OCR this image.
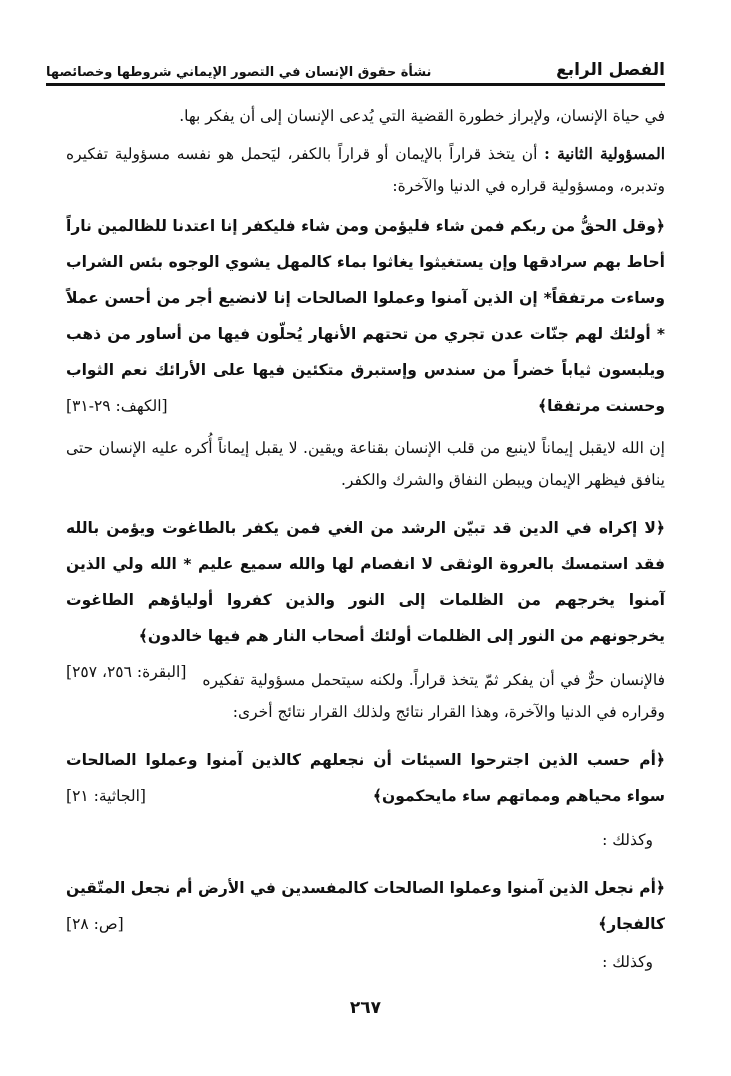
الفصل الرابع
نشأة حقوق الإنسان في التصور الإيماني شروطها وخصائصها

في حياة الإنسان، ولإبراز خطورة القضية التي يُدعى الإنسان إلى أن يفكر بها.

المسؤولية الثانية : أن يتخذ قراراً بالإيمان أو قراراً بالكفر، ليَحمل هو نفسه مسؤولية تفكيره وتدبره، ومسؤولية قراره في الدنيا والآخرة:

﴿وقل الحقُّ من ربكم فمن شاء فليؤمن ومن شاء فليكفر إنا اعتدنا للظالمين ناراً أحاط بهم سرادقها وإن يستغيثوا يغاثوا بماء كالمهل يشوي الوجوه بئس الشراب وساءت مرتفقاً* إن الذين آمنوا وعملوا الصالحات إنا لانضيع أجر من أحسن عملاً * أولئك لهم جنّات عدن تجري من تحتهم الأنهار يُحلّون فيها من أساور من ذهب ويلبسون ثياباً خضراً من سندس وإستبرق متكئين فيها على الأرائك نعم الثواب وحسنت مرتفقا﴾
[الكهف: ٢٩-٣١]

إن الله لايقبل إيماناً لاينبع من قلب الإنسان بقناعة ويقين. لا يقبل إيماناً أُكره عليه الإنسان حتى ينافق فيظهر الإيمان ويبطن النفاق والشرك والكفر.

﴿لا إكراه في الدين قد تبيّن الرشد من الغي فمن يكفر بالطاغوت ويؤمن بالله فقد استمسك بالعروة الوثقى لا انفصام لها والله سميع عليم * الله ولي الذين آمنوا يخرجهم من الظلمات إلى النور والذين كفروا أولياؤهم الطاغوت يخرجونهم من النور إلى الظلمات أولئك أصحاب النار هم فيها خالدون﴾
[البقرة: ٢٥٦، ٢٥٧]	فالإنسان حرٌّ في أن يفكر ثمّ يتخذ قراراً. ولكنه سيتحمل مسؤولية تفكيره وقراره في الدنيا والآخرة، وهذا القرار نتائج ولذلك القرار نتائج أخرى:

﴿أم حسب الذين اجترحوا السيئات أن نجعلهم كالذين آمنوا وعملوا الصالحات سواء محياهم ومماتهم ساء مايحكمون﴾
[الجاثية: ٢١]

وكذلك :

﴿أم نجعل الذين آمنوا وعملوا الصالحات كالمفسدين في الأرض أم نجعل المتّقين كالفجار﴾
[ص: ٢٨]

وكذلك :

٢٦٧
